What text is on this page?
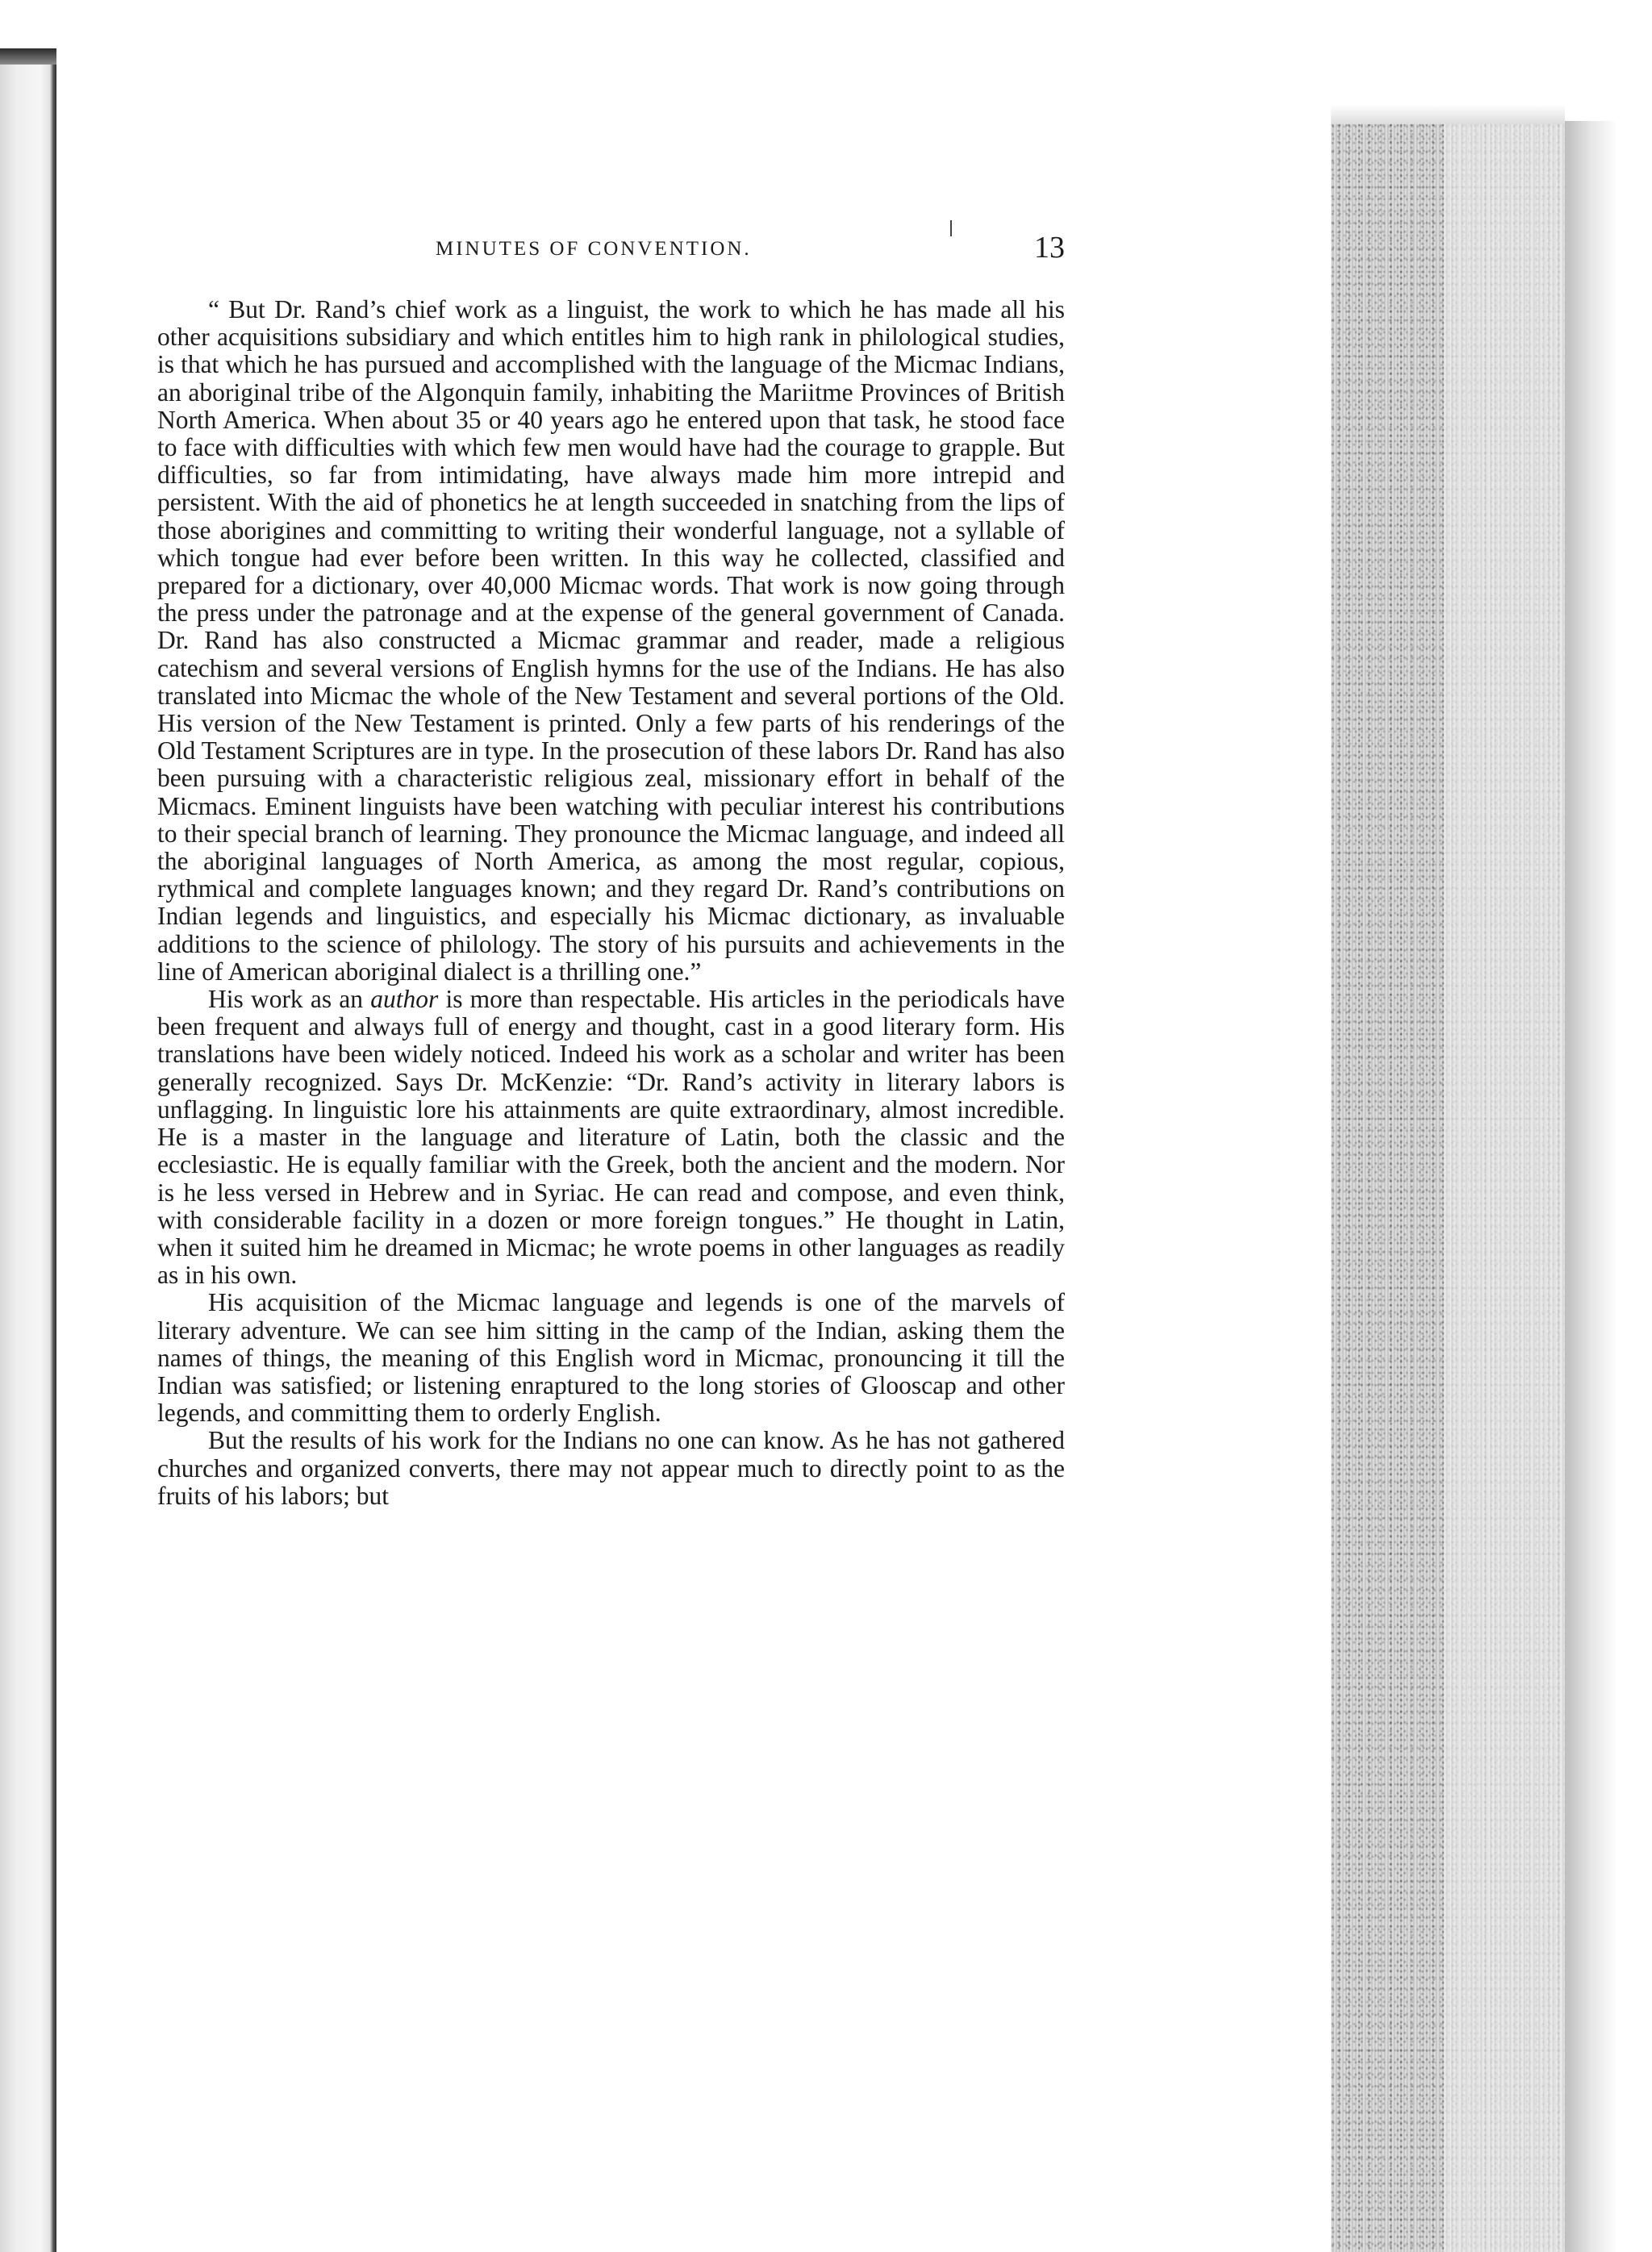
MINUTES OF CONVENTION.	13

“ But Dr. Rand’s chief work as a linguist, the work to which he has made all his other acquisitions subsidiary and which entitles him to high rank in philological studies, is that which he has pursued and accomplished with the language of the Micmac Indians, an aboriginal tribe of the Algonquin family, inhabiting the Mariitme Provinces of British North America. When about 35 or 40 years ago he entered upon that task, he stood face to face with difficulties with which few men would have had the courage to grapple. But difficulties, so far from intimidating, have always made him more intrepid and persistent. With the aid of phonetics he at length succeeded in snatching from the lips of those aborigines and committing to writing their wonderful language, not a syllable of which tongue had ever before been written. In this way he collected, classified and prepared for a dictionary, over 40,000 Micmac words. That work is now going through the press under the patronage and at the expense of the general government of Canada. Dr. Rand has also constructed a Micmac grammar and reader, made a religious catechism and several versions of English hymns for the use of the Indians. He has also translated into Micmac the whole of the New Testament and several portions of the Old. His version of the New Testament is printed. Only a few parts of his renderings of the Old Testament Scriptures are in type. In the prosecution of these labors Dr. Rand has also been pursuing with a characteristic religious zeal, missionary effort in behalf of the Micmacs. Eminent linguists have been watching with peculiar interest his contributions to their special branch of learning. They pronounce the Micmac language, and indeed all the aboriginal languages of North America, as among the most regular, copious, rythmical and complete languages known; and they regard Dr. Rand’s contributions on Indian legends and linguistics, and especially his Micmac dictionary, as invaluable additions to the science of philology. The story of his pursuits and achievements in the line of American aboriginal dialect is a thrilling one.”

His work as an author is more than respectable. His articles in the periodicals have been frequent and always full of energy and thought, cast in a good literary form. His translations have been widely noticed. Indeed his work as a scholar and writer has been generally recognized. Says Dr. McKenzie: “Dr. Rand’s activity in literary labors is unflagging. In linguistic lore his attainments are quite extraordinary, almost incredible. He is a master in the language and literature of Latin, both the classic and the ecclesiastic. He is equally familiar with the Greek, both the ancient and the modern. Nor is he less versed in Hebrew and in Syriac. He can read and compose, and even think, with considerable facility in a dozen or more foreign tongues.” He thought in Latin, when it suited him he dreamed in Micmac; he wrote poems in other languages as readily as in his own.

His acquisition of the Micmac language and legends is one of the marvels of literary adventure. We can see him sitting in the camp of the Indian, asking them the names of things, the meaning of this English word in Micmac, pronouncing it till the Indian was satisfied; or listening enraptured to the long stories of Glooscap and other legends, and committing them to orderly English.

But the results of his work for the Indians no one can know. As he has not gathered churches and organized converts, there may not appear much to directly point to as the fruits of his labors; but
